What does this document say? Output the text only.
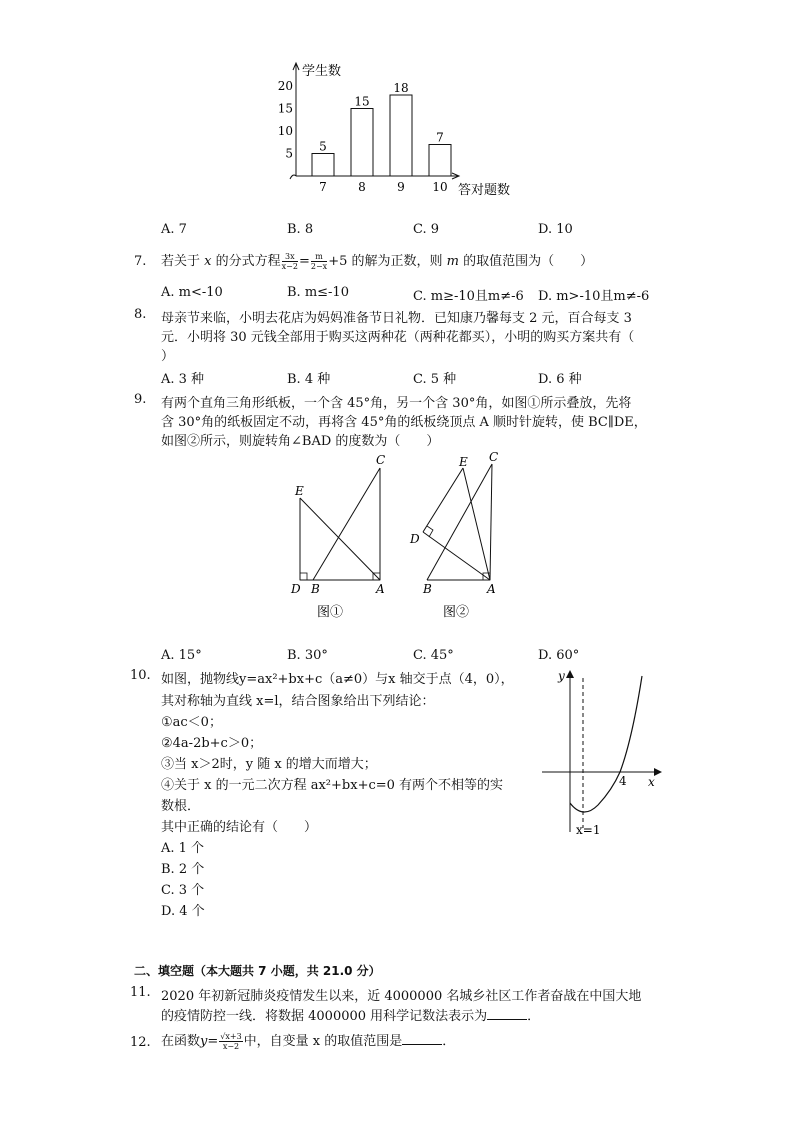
5
10
15
20
5
7
15
8
18
9
7
10
学生数
答对题数
A. 7	B. 8	C. 9	D. 10
7. 若关于 x 的分式方程 $\frac{3x}{x-2} = \frac{m}{2-x} +5$ 的解为正数，则 m 的取值范围为（　　）
A. m<-10	B. m≤-10	C. m≥-10且m≠-6 D. m>-10且m≠-6
8. 母亲节来临，小明去花店为妈妈准备节日礼物．已知康乃馨每支 2 元，百合每支 3
元．小明将 30 元钱全部用于购买这两种花（两种花都买），小明的购买方案共有（
）
A. 3 种	B. 4 种	C. 5 种	D. 6 种
9. 有两个直角三角形纸板，一个含 45°角，另一个含 30°角，如图①所示叠放，先将
含 30°角的纸板固定不动，再将含 45°角的纸板绕顶点 A 顺时针旋转，使 BC∥DE，
如图②所示，则旋转角∠BAD 的度数为（　　）
C
E
D B	A
图①
C
E
D
B	A
图②
A. 15°	B. 30°	C. 45°	D. 60°
10. 如图，抛物线y=ax²+bx+c（a≠0）与x 轴交于点（4，0），
其对称轴为直线 x=l，结合图象给出下列结论：
①ac＜0；
②4a-2b+c＞0；
③当 x＞2时，y 随 x 的增大而增大；
④关于 x 的一元二次方程 ax²+bx+c=0 有两个不相等的实
数根．
其中正确的结论有（　　）
A. 1 个
B. 2 个
C. 3 个
D. 4 个
y
x
4
x=1
二、填空题（本大题共 7 小题，共 21.0 分）
11. 2020 年初新冠肺炎疫情发生以来，近 4000000 名城乡社区工作者奋战在中国大地
的疫情防控一线．将数据 4000000 用科学记数法表示为	．
12. 在函数$y= \frac{√x+3}{x-2}$ 中，自变量 x 的取值范围是	．
